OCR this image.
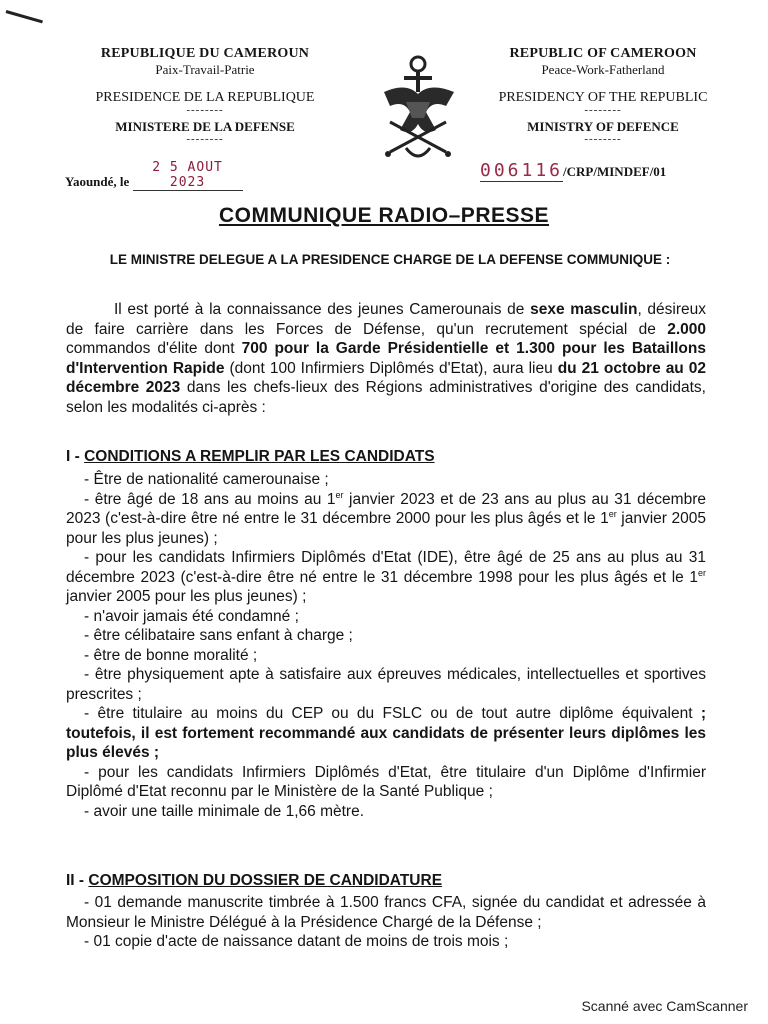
REPUBLIQUE DU CAMEROUN
Paix-Travail-Patrie
PRESIDENCE DE LA REPUBLIQUE
--------
MINISTERE DE LA DEFENSE
--------
REPUBLIC OF CAMEROON
Peace-Work-Fatherland
PRESIDENCY OF THE REPUBLIC
--------
MINISTRY OF DEFENCE
--------
Yaoundé, le 2 5 AOUT 2023
006116/CRP/MINDEF/01
COMMUNIQUE RADIO–PRESSE
LE MINISTRE DELEGUE A LA PRESIDENCE CHARGE DE LA DEFENSE COMMUNIQUE :
Il est porté à la connaissance des jeunes Camerounais de sexe masculin, désireux de faire carrière dans les Forces de Défense, qu'un recrutement spécial de 2.000 commandos d'élite dont 700 pour la Garde Présidentielle et 1.300 pour les Bataillons d'Intervention Rapide (dont 100 Infirmiers Diplômés d'Etat), aura lieu du 21 octobre au 02 décembre 2023 dans les chefs-lieux des Régions administratives d'origine des candidats, selon les modalités ci-après :
I - CONDITIONS A REMPLIR PAR LES CANDIDATS
- Être de nationalité camerounaise ;
- être âgé de 18 ans au moins au 1er janvier 2023 et de 23 ans au plus au 31 décembre 2023 (c'est-à-dire être né entre le 31 décembre 2000 pour les plus âgés et le 1er janvier 2005 pour les plus jeunes) ;
- pour les candidats Infirmiers Diplômés d'Etat (IDE), être âgé de 25 ans au plus au 31 décembre 2023 (c'est-à-dire être né entre le 31 décembre 1998 pour les plus âgés et le 1er janvier 2005 pour les plus jeunes) ;
- n'avoir jamais été condamné ;
- être célibataire sans enfant à charge ;
- être de bonne moralité ;
- être physiquement apte à satisfaire aux épreuves médicales, intellectuelles et sportives prescrites ;
- être titulaire au moins du CEP ou du FSLC ou de tout autre diplôme équivalent ; toutefois, il est fortement recommandé aux candidats de présenter leurs diplômes les plus élevés ;
- pour les candidats Infirmiers Diplômés d'Etat, être titulaire d'un Diplôme d'Infirmier Diplômé d'Etat reconnu par le Ministère de la Santé Publique ;
- avoir une taille minimale de 1,66 mètre.
II - COMPOSITION DU DOSSIER DE CANDIDATURE
- 01 demande manuscrite timbrée à 1.500 francs CFA, signée du candidat et adressée à Monsieur le Ministre Délégué à la Présidence Chargé de la Défense ;
- 01 copie d'acte de naissance datant de moins de trois mois ;
Scanné avec CamScanner
